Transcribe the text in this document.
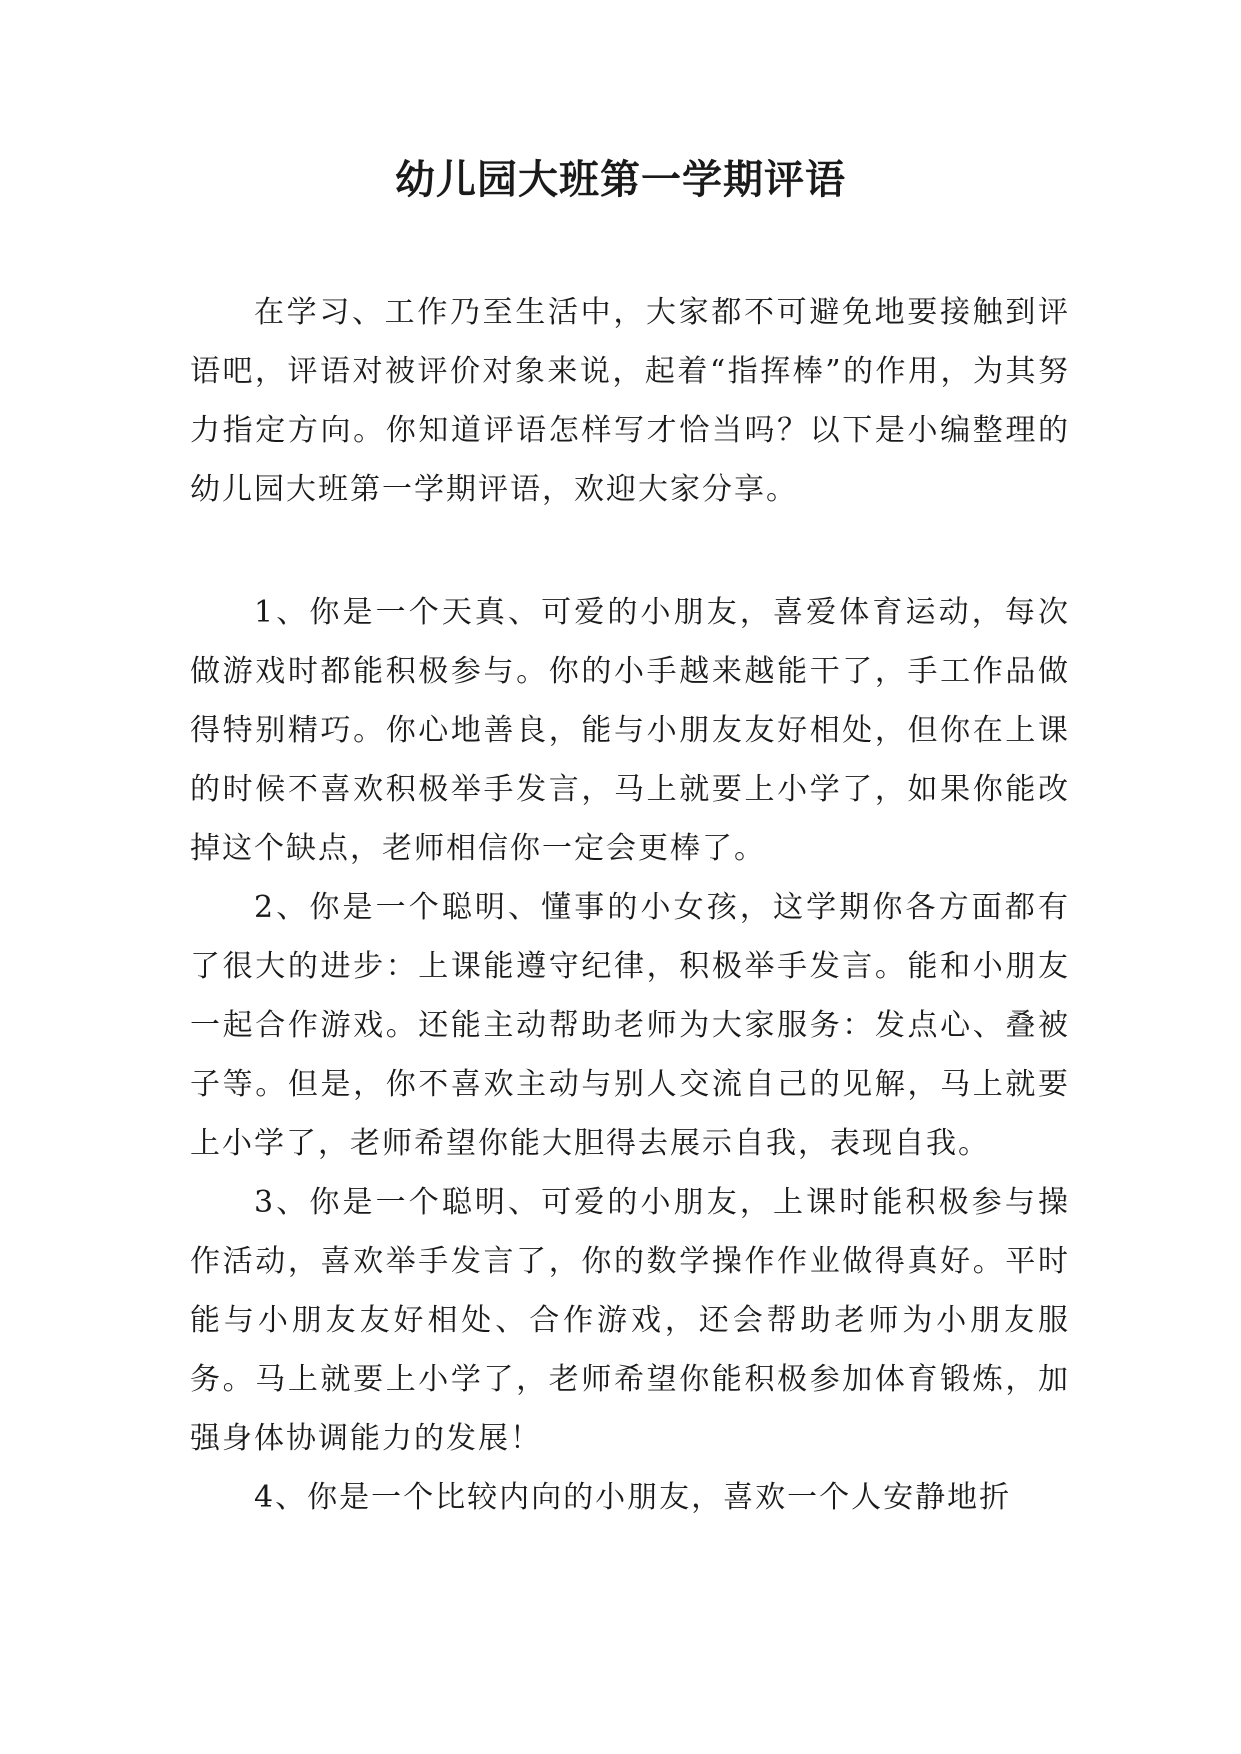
幼儿园大班第一学期评语

在学习、工作乃至生活中，大家都不可避免地要接触到评语吧，评语对被评价对象来说，起着“指挥棒”的作用，为其努力指定方向。你知道评语怎样写才恰当吗？以下是小编整理的幼儿园大班第一学期评语，欢迎大家分享。

1、你是一个天真、可爱的小朋友，喜爱体育运动，每次做游戏时都能积极参与。你的小手越来越能干了，手工作品做得特别精巧。你心地善良，能与小朋友友好相处，但你在上课的时候不喜欢积极举手发言，马上就要上小学了，如果你能改掉这个缺点，老师相信你一定会更棒了。

2、你是一个聪明、懂事的小女孩，这学期你各方面都有了很大的进步：上课能遵守纪律，积极举手发言。能和小朋友一起合作游戏。还能主动帮助老师为大家服务：发点心、叠被子等。但是，你不喜欢主动与别人交流自己的见解，马上就要上小学了，老师希望你能大胆得去展示自我，表现自我。

3、你是一个聪明、可爱的小朋友，上课时能积极参与操作活动，喜欢举手发言了，你的数学操作作业做得真好。平时能与小朋友友好相处、合作游戏，还会帮助老师为小朋友服务。马上就要上小学了，老师希望你能积极参加体育锻炼，加强身体协调能力的发展！

4、你是一个比较内向的小朋友，喜欢一个人安静地折
